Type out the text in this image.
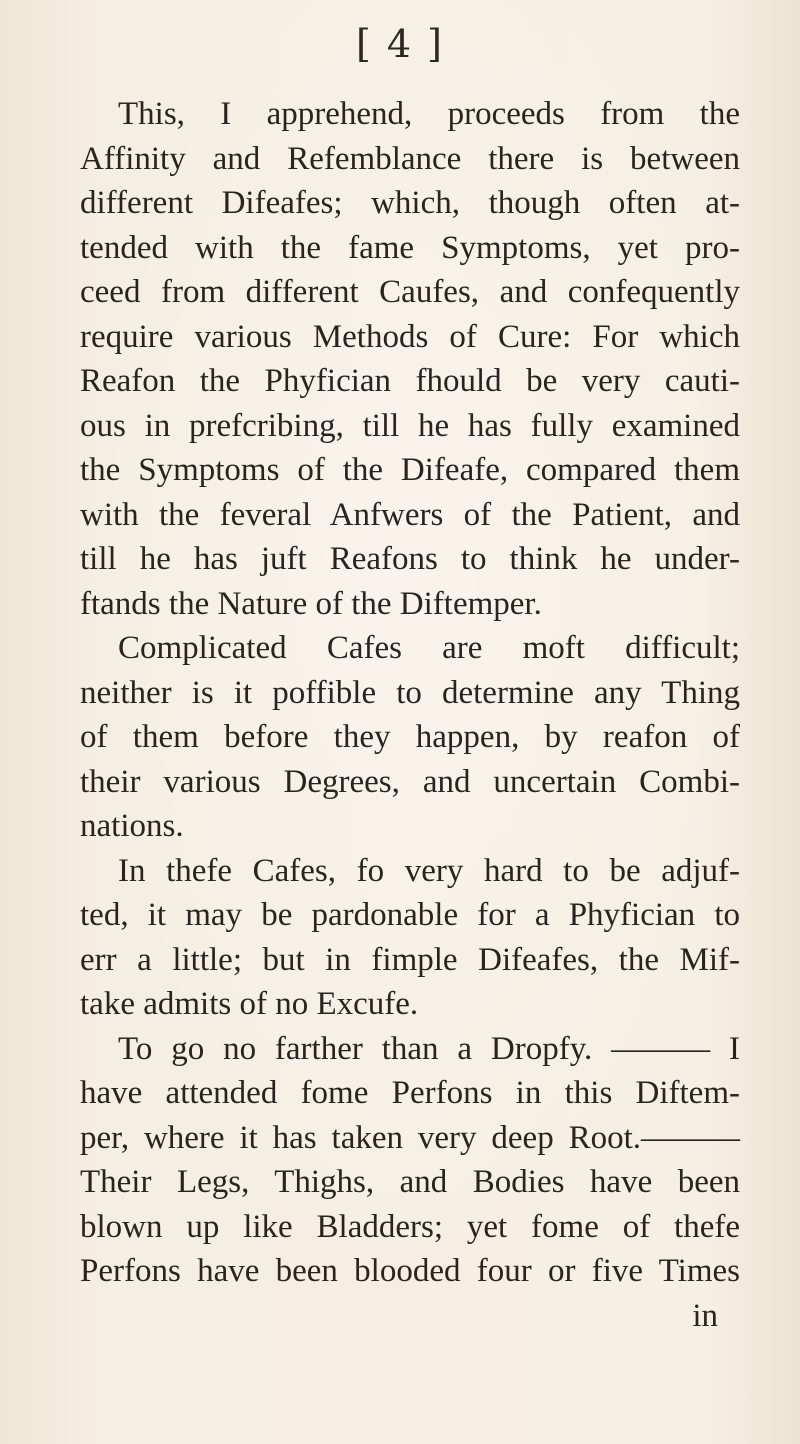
[ 4 ]
This, I apprehend, proceeds from the
Affinity and Refemblance there is between
different Difeafes; which, though often at-
tended with the fame Symptoms, yet pro-
ceed from different Caufes, and confequently
require various Methods of Cure: For which
Reafon the Phyfician fhould be very cauti-
ous in prefcribing, till he has fully examined
the Symptoms of the Difeafe, compared them
with the feveral Anfwers of the Patient, and
till he has juft Reafons to think he under-
ftands the Nature of the Diftemper.
Complicated Cafes are moft difficult;
neither is it poffible to determine any Thing
of them before they happen, by reafon of
their various Degrees, and uncertain Combi-
nations.
In thefe Cafes, fo very hard to be adjuf-
ted, it may be pardonable for a Phyfician to
err a little; but in fimple Difeafes, the Mif-
take admits of no Excufe.
To go no farther than a Dropfy. ——— I
have attended fome Perfons in this Diftem-
per, where it has taken very deep Root.———
Their Legs, Thighs, and Bodies have been
blown up like Bladders; yet fome of thefe
Perfons have been blooded four or five Times
in
